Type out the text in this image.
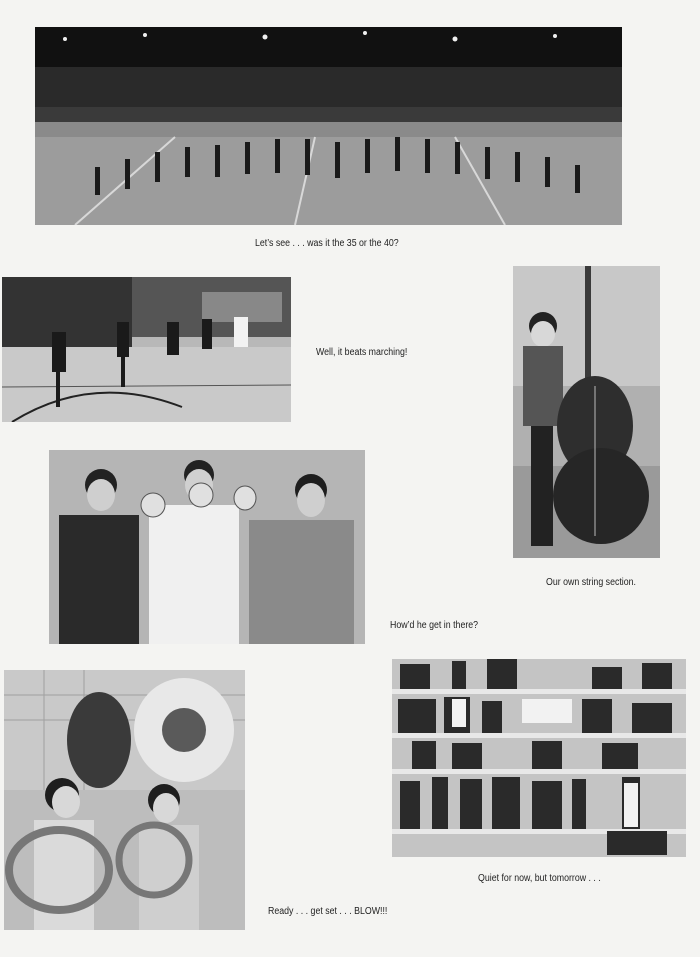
Let’s see . . . was it the 35 or the 40?
Well, it beats marching!
Our own string section.
How’d he get in there?
Ready . . . get set . . . BLOW!!!
Quiet for now, but tomorrow . . .
